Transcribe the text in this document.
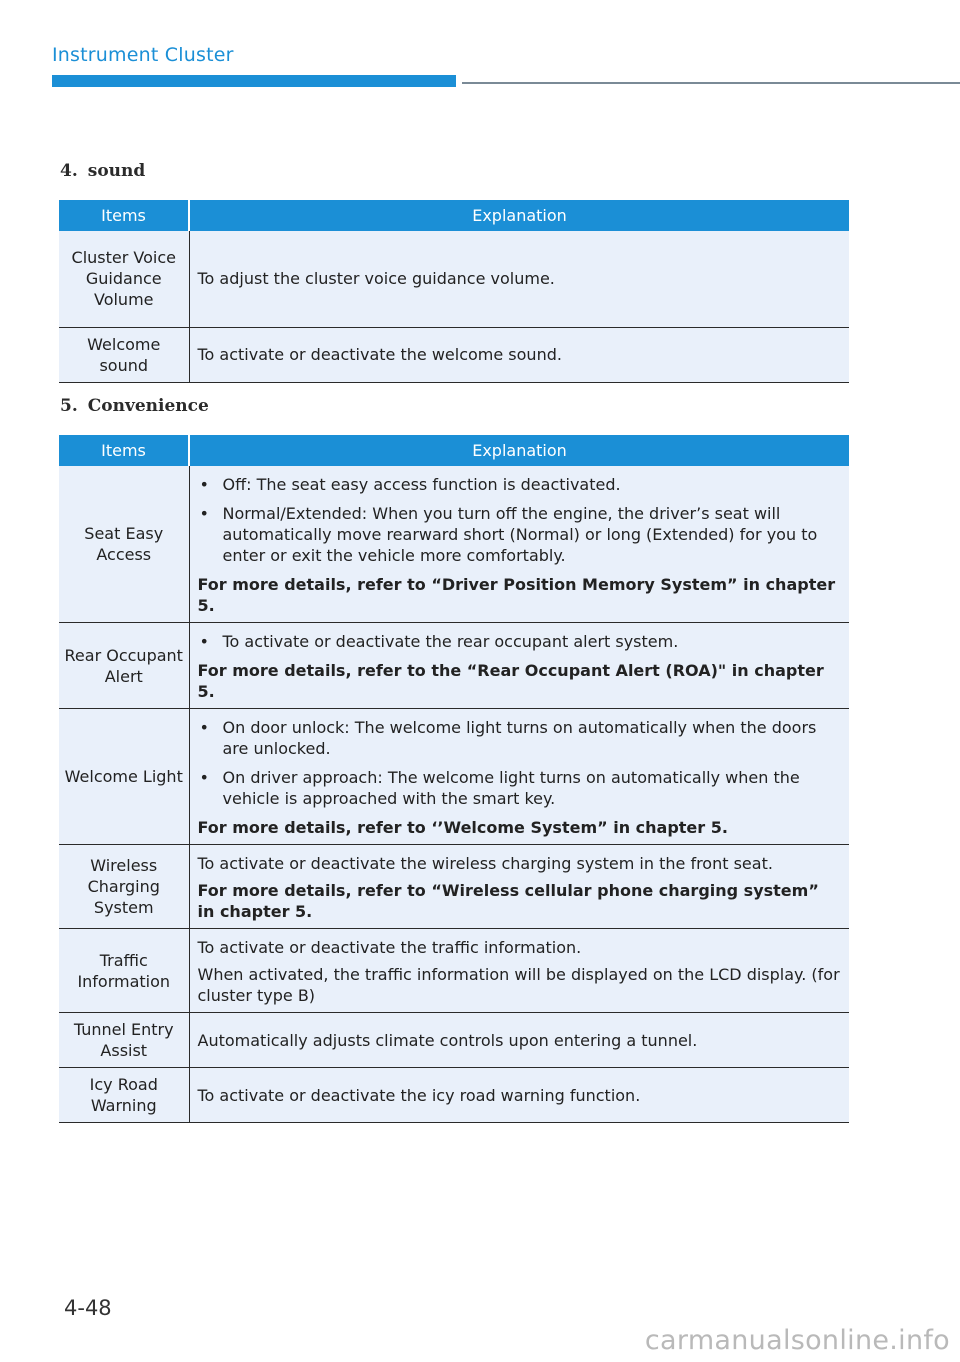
Instrument Cluster
4. sound
Items	Explanation
Cluster Voice Guidance Volume	To adjust the cluster voice guidance volume.
Welcome sound	To activate or deactivate the welcome sound.
5. Convenience
Items	Explanation
Seat Easy Access	• Off: The seat easy access function is deactivated.
• Normal/Extended: When you turn off the engine, the driver’s seat will automatically move rearward short (Normal) or long (Extended) for you to enter or exit the vehicle more comfortably.
For more details, refer to “Driver Position Memory System” in chapter 5.

Rear Occupant Alert	• To activate or deactivate the rear occupant alert system.
For more details, refer to the “Rear Occupant Alert (ROA)" in chapter 5.

Welcome Light	• On door unlock: The welcome light turns on automatically when the doors are unlocked.
• On driver approach: The welcome light turns on automatically when the vehicle is approached with the smart key.
For more details, refer to ‘’Welcome System” in chapter 5.

Wireless Charging System	To activate or deactivate the wireless charging system in the front seat.
For more details, refer to “Wireless cellular phone charging system” in chapter 5.

Traffic Information	To activate or deactivate the traffic information.
When activated, the traffic information will be displayed on the LCD display. (for cluster type B)

Tunnel Entry Assist	Automatically adjusts climate controls upon entering a tunnel.
Icy Road Warning	To activate or deactivate the icy road warning function.
4-48
carmanualsonline.info
